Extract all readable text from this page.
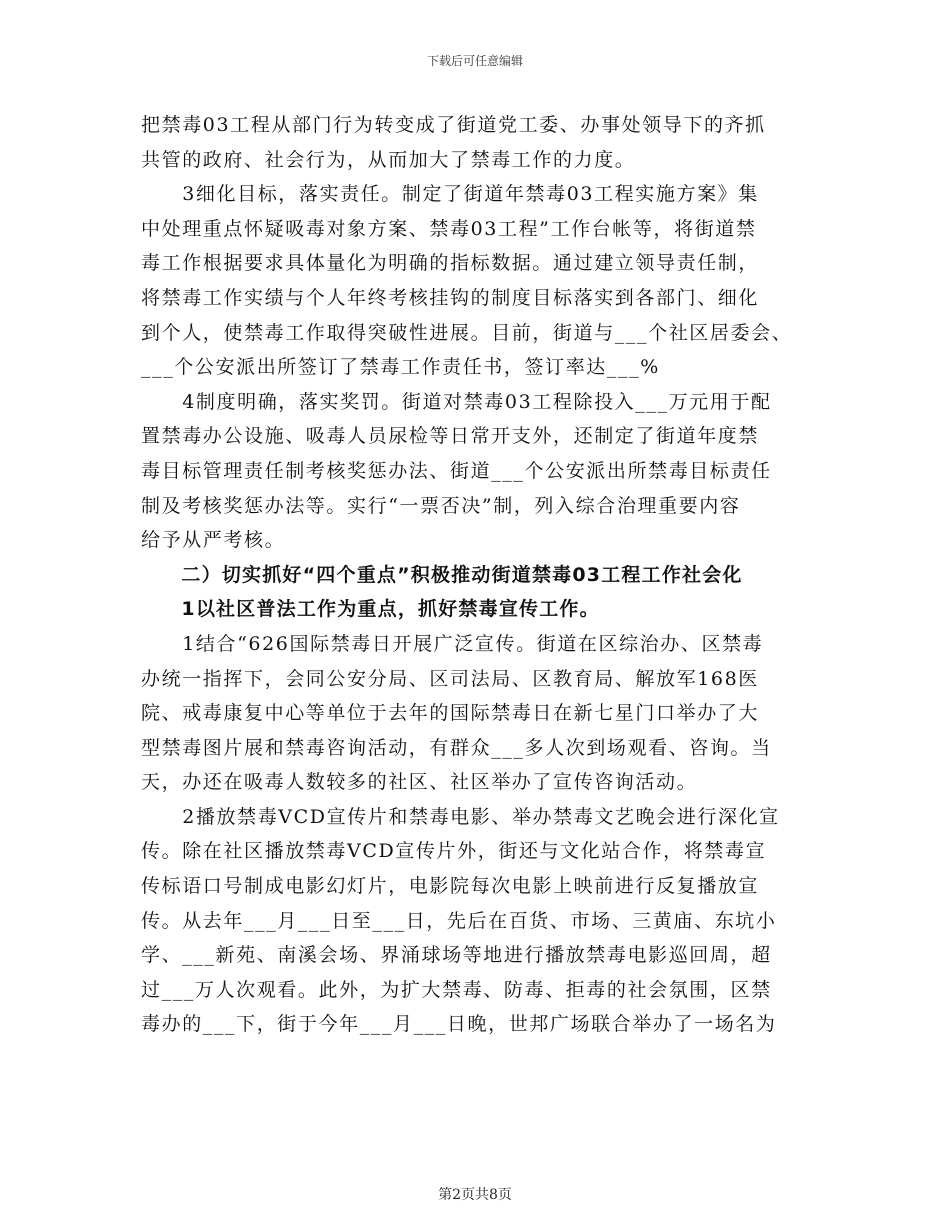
下载后可任意编辑
把禁毒03工程从部门行为转变成了街道党工委、办事处领导下的齐抓
共管的政府、社会行为，从而加大了禁毒工作的力度。
　　3细化目标，落实责任。制定了街道年禁毒03工程实施方案》集
中处理重点怀疑吸毒对象方案、禁毒03工程”工作台帐等，将街道禁
毒工作根据要求具体量化为明确的指标数据。通过建立领导责任制，
将禁毒工作实绩与个人年终考核挂钩的制度目标落实到各部门、细化
到个人，使禁毒工作取得突破性进展。目前，街道与___个社区居委会、
___个公安派出所签订了禁毒工作责任书，签订率达___%
　　4制度明确，落实奖罚。街道对禁毒03工程除投入___万元用于配
置禁毒办公设施、吸毒人员尿检等日常开支外，还制定了街道年度禁
毒目标管理责任制考核奖惩办法、街道___个公安派出所禁毒目标责任
制及考核奖惩办法等。实行“一票否决”制，列入综合治理重要内容
给予从严考核。
　　二）切实抓好“四个重点”积极推动街道禁毒03工程工作社会化
　　1以社区普法工作为重点，抓好禁毒宣传工作。
　　1结合“626国际禁毒日开展广泛宣传。街道在区综治办、区禁毒
办统一指挥下，会同公安分局、区司法局、区教育局、解放军168医
院、戒毒康复中心等单位于去年的国际禁毒日在新七星门口举办了大
型禁毒图片展和禁毒咨询活动，有群众___多人次到场观看、咨询。当
天，办还在吸毒人数较多的社区、社区举办了宣传咨询活动。
　　2播放禁毒VCD宣传片和禁毒电影、举办禁毒文艺晚会进行深化宣
传。除在社区播放禁毒VCD宣传片外，街还与文化站合作，将禁毒宣
传标语口号制成电影幻灯片，电影院每次电影上映前进行反复播放宣
传。从去年___月___日至___日，先后在百货、市场、三黄庙、东坑小
学、___新苑、南溪会场、界涌球场等地进行播放禁毒电影巡回周，超
过___万人次观看。此外，为扩大禁毒、防毒、拒毒的社会氛围，区禁
毒办的___下，街于今年___月___日晚，世邦广场联合举办了一场名为
第2页共8页
